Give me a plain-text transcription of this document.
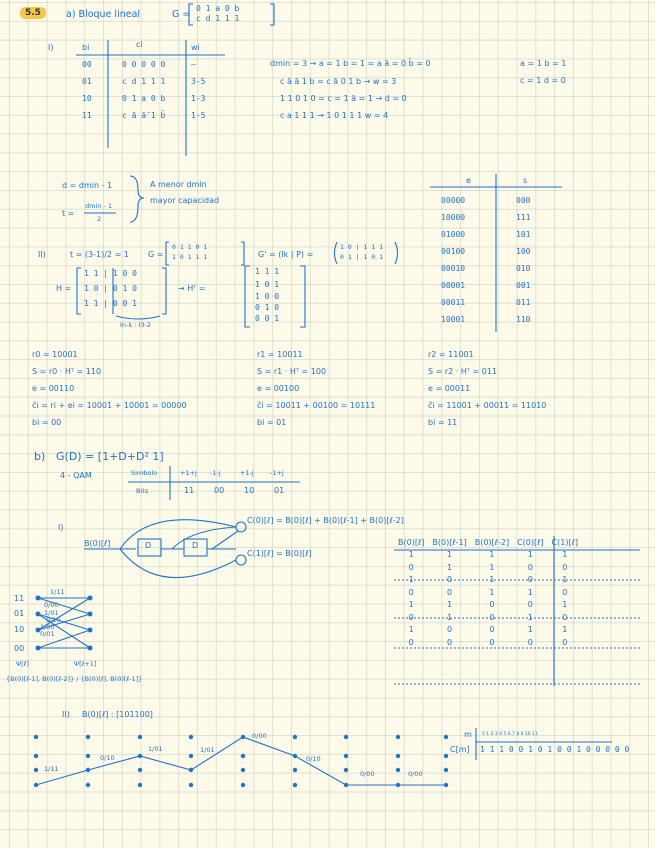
5.5	a) Bloque lineal	G =
0 1 a 0 b
c d 1 1 1
I)	bi	ci	wi
00	0 0 0 0 0	—
01	c d 1 1 1	3-5
10	0 1 a 0 b	1-3
11	c ā ā̄ 1 b̄	1-5
dmin = 3 → a = 1 b = 1 = a ā = 0 b̄ = 0
c ā ā 1 b = c ā 0 1 b → w = 3
1 1 0 1 0 = c = 1 ā = 1 → d = 0
c a 1 1 1 → 1 0 1 1 1 w = 4
a = 1 b = 1
c = 1 d = 0
d = dmin - 1
t =
dmin - 1
2
A menor dmin
mayor capacidad
e	s
00000	000
10000	111
01000	101
00100	100
00010	010
00001	001
00011	011
10001	110
II)	t = (3-1)/2 = 1 G =
0 1 1 0 1
1 0 1 1 1	G' = (Ik | P) =
1 0 | 1 1 1
0 1 | 1 0 1
H =
1 1 | 1 0 0
1 0 | 0 1 0
1 1 | 0 0 1
In-k : I3-2
→ Hᵀ =
1 1 1
1 0 1
1 0 0
0 1 0
0 0 1
r0 = 10001
S = r0 · Hᵀ = 110
e = 00110
ĉi = ri + ei = 10001 + 10001 = 00000
bi = 00
r1 = 10011
S = r1 · Hᵀ = 100
e = 00100
ĉi = 10011 + 00100 = 10111
bi = 01
r2 = 11001
S = r2 · Hᵀ = 011
e = 00011
ĉi = 11001 + 00011 = 11010
bi = 11
b) G(D) = [1+D+D² 1]
4 - QAM	Simbolo
Bits
+1+j -1-j	+1-j	-1+j
11 00 10 01
I)
B(0)[ℓ]	D	D
C(0)[ℓ] = B(0)[ℓ] + B(0)[ℓ-1] + B(0)[ℓ-2]
C(1)[ℓ] = B(0)[ℓ]
11
01
10
00
1/11
0/00
1/01
0/10
1/00
0/01
Ψ[ℓ]	Ψ[ℓ+1]
{B(0)[ℓ-1], B(0)[ℓ-2]} / {B(0)[ℓ], B(0)[ℓ-1]}
B(0)[ℓ]	B(0)[ℓ-1]	B(0)[ℓ-2]	C(0)[ℓ]	C(1)[ℓ]
1	1	1	1	1
0	1	1	0	0
1	0	1	0	1
0	0	1	1	0
1	1	0	0	1
0	1	0	1	0
1	0	0	1	1
0	0	0	0	0
II) B(0)[ℓ] : [101100]
1/11
0/10
1/01	1/01
0/00
0/10
0/00	0/00
m 0 1 2 3 4 5 6 7 8 9 10 11
C[m] 1 1 1 0 0 1 0 1 0 0 1 0 0 0 0 0
